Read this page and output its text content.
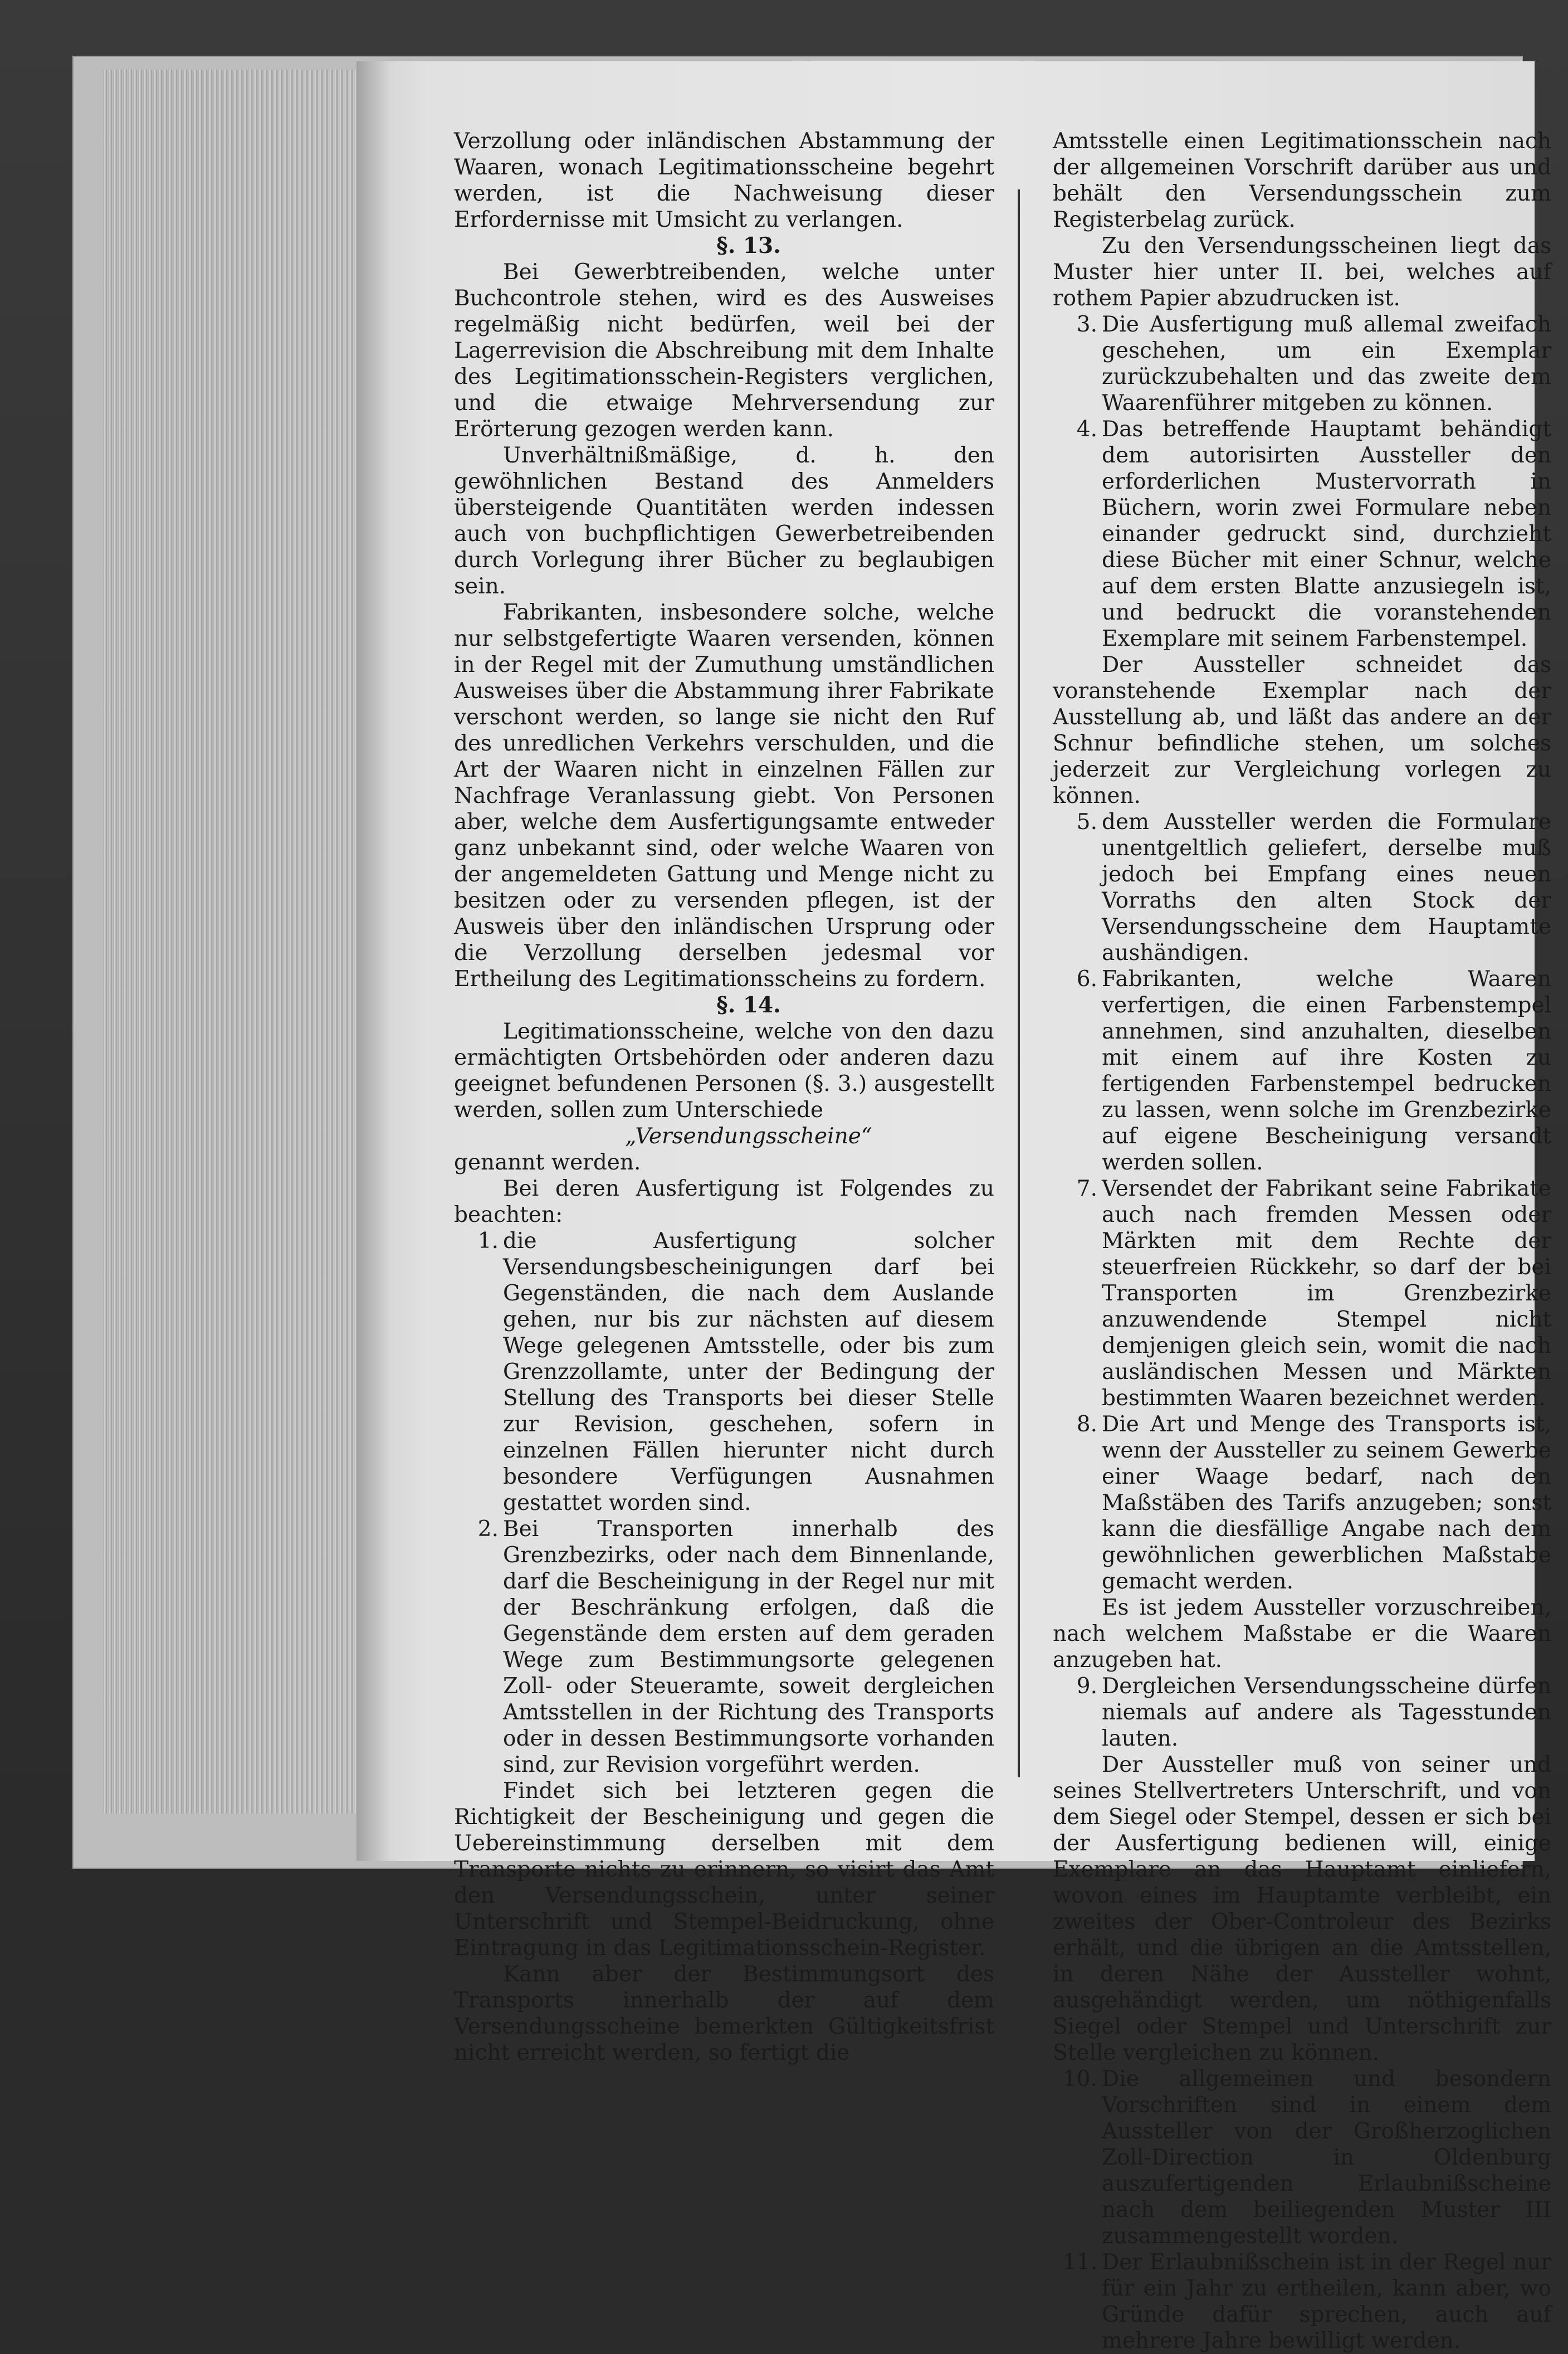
Verzollung oder inländischen Abstammung der Waaren, wonach Legitimationsscheine begehrt werden, ist die Nachweisung dieser Erfordernisse mit Umsicht zu verlangen.

§. 13.

Bei Gewerbtreibenden, welche unter Buchcontrole stehen, wird es des Ausweises regelmäßig nicht bedürfen, weil bei der Lagerrevision die Abschreibung mit dem Inhalte des Legitimationsschein-Registers verglichen, und die etwaige Mehrversendung zur Erörterung gezogen werden kann.

Unverhältnißmäßige, d. h. den gewöhnlichen Bestand des Anmelders übersteigende Quantitäten werden indessen auch von buchpflichtigen Gewerbetreibenden durch Vorlegung ihrer Bücher zu beglaubigen sein.

Fabrikanten, insbesondere solche, welche nur selbstgefertigte Waaren versenden, können in der Regel mit der Zumuthung umständlichen Ausweises über die Abstammung ihrer Fabrikate verschont werden, so lange sie nicht den Ruf des unredlichen Verkehrs verschulden, und die Art der Waaren nicht in einzelnen Fällen zur Nachfrage Veranlassung giebt. Von Personen aber, welche dem Ausfertigungsamte entweder ganz unbekannt sind, oder welche Waaren von der angemeldeten Gattung und Menge nicht zu besitzen oder zu versenden pflegen, ist der Ausweis über den inländischen Ursprung oder die Verzollung derselben jedesmal vor Ertheilung des Legitimationsscheins zu fordern.

§. 14.

Legitimationsscheine, welche von den dazu ermächtigten Ortsbehörden oder anderen dazu geeignet befundenen Personen (§. 3.) ausgestellt werden, sollen zum Unterschiede

„Versendungsscheine“

genannt werden.

Bei deren Ausfertigung ist Folgendes zu beachten:

1. die Ausfertigung solcher Versendungsbescheinigungen darf bei Gegenständen, die nach dem Auslande gehen, nur bis zur nächsten auf diesem Wege gelegenen Amtsstelle, oder bis zum Grenzzollamte, unter der Bedingung der Stellung des Transports bei dieser Stelle zur Revision, geschehen, sofern in einzelnen Fällen hierunter nicht durch besondere Verfügungen Ausnahmen gestattet worden sind.
2. Bei Transporten innerhalb des Grenzbezirks, oder nach dem Binnenlande, darf die Bescheinigung in der Regel nur mit der Beschränkung erfolgen, daß die Gegenstände dem ersten auf dem geraden Wege zum Bestimmungsorte gelegenen Zoll- oder Steueramte, soweit dergleichen Amtsstellen in der Richtung des Transports oder in dessen Bestimmungsorte vorhanden sind, zur Revision vorgeführt werden.

Findet sich bei letzteren gegen die Richtigkeit der Bescheinigung und gegen die Uebereinstimmung derselben mit dem Transporte nichts zu erinnern, so visirt das Amt den Versendungsschein, unter seiner Unterschrift und Stempel-Beidruckung, ohne Eintragung in das Legitimationsschein-Register.

Kann aber der Bestimmungsort des Transports innerhalb der auf dem Versendungsscheine bemerkten Gültigkeitsfrist nicht erreicht werden, so fertigt die

Amtsstelle einen Legitimationsschein nach der allgemeinen Vorschrift darüber aus und behält den Versendungsschein zum Registerbelag zurück.

Zu den Versendungsscheinen liegt das Muster hier unter II. bei, welches auf rothem Papier abzudrucken ist.

3. Die Ausfertigung muß allemal zweifach geschehen, um ein Exemplar zurückzubehalten und das zweite dem Waarenführer mitgeben zu können.
4. Das betreffende Hauptamt behändigt dem autorisirten Aussteller den erforderlichen Mustervorrath in Büchern, worin zwei Formulare neben einander gedruckt sind, durchzieht diese Bücher mit einer Schnur, welche auf dem ersten Blatte anzusiegeln ist, und bedruckt die voranstehenden Exemplare mit seinem Farbenstempel.

Der Aussteller schneidet das voranstehende Exemplar nach der Ausstellung ab, und läßt das andere an der Schnur befindliche stehen, um solches jederzeit zur Vergleichung vorlegen zu können.

5. dem Aussteller werden die Formulare unentgeltlich geliefert, derselbe muß jedoch bei Empfang eines neuen Vorraths den alten Stock der Versendungsscheine dem Hauptamte aushändigen.
6. Fabrikanten, welche Waaren verfertigen, die einen Farbenstempel annehmen, sind anzuhalten, dieselben mit einem auf ihre Kosten zu fertigenden Farbenstempel bedrucken zu lassen, wenn solche im Grenzbezirke auf eigene Bescheinigung versandt werden sollen.
7. Versendet der Fabrikant seine Fabrikate auch nach fremden Messen oder Märkten mit dem Rechte der steuerfreien Rückkehr, so darf der bei Transporten im Grenzbezirke anzuwendende Stempel nicht demjenigen gleich sein, womit die nach ausländischen Messen und Märkten bestimmten Waaren bezeichnet werden.
8. Die Art und Menge des Transports ist, wenn der Aussteller zu seinem Gewerbe einer Waage bedarf, nach den Maßstäben des Tarifs anzugeben; sonst kann die diesfällige Angabe nach dem gewöhnlichen gewerblichen Maßstabe gemacht werden.

Es ist jedem Aussteller vorzuschreiben, nach welchem Maßstabe er die Waaren anzugeben hat.

9. Dergleichen Versendungsscheine dürfen niemals auf andere als Tagesstunden lauten.

Der Aussteller muß von seiner und seines Stellvertreters Unterschrift, und von dem Siegel oder Stempel, dessen er sich bei der Ausfertigung bedienen will, einige Exemplare an das Hauptamt einliefern, wovon eines im Hauptamte verbleibt, ein zweites der Ober-Controleur des Bezirks erhält, und die übrigen an die Amtsstellen, in deren Nähe der Aussteller wohnt, ausgehändigt werden, um nöthigenfalls Siegel oder Stempel und Unterschrift zur Stelle vergleichen zu können.

10. Die allgemeinen und besondern Vorschriften sind in einem dem Aussteller von der Großherzoglichen Zoll-Direction in Oldenburg auszufertigenden Erlaubnißscheine nach dem beiliegenden Muster III zusammengestellt worden.
11. Der Erlaubnißschein ist in der Regel nur für ein Jahr zu ertheilen, kann aber, wo Gründe dafür sprechen, auch auf mehrere Jahre bewilligt werden.
